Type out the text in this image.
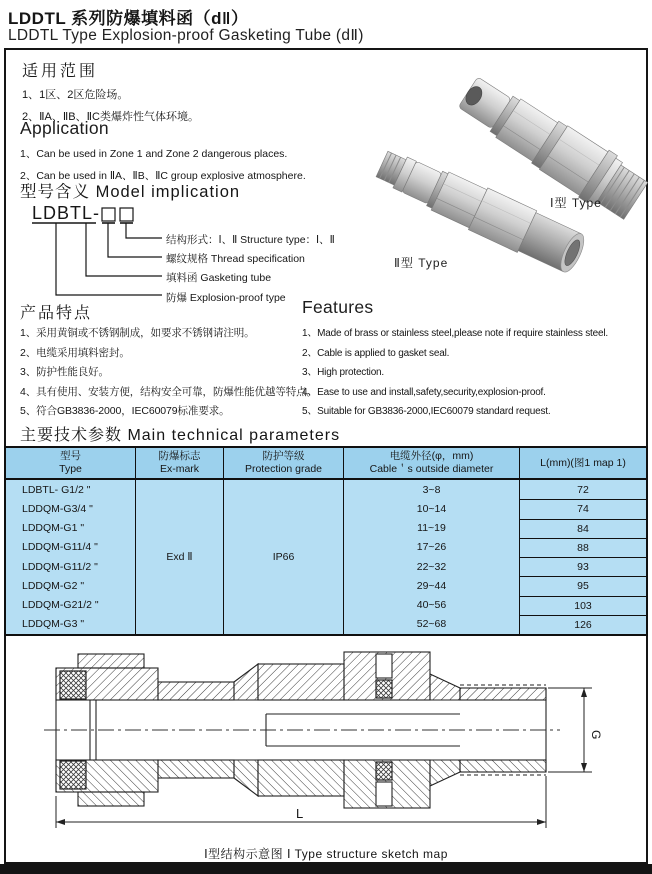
LDDTL 系列防爆填料函（d‖）
LDDTL Type Explosion-proof Gasketing Tube (dⅡ)
适用范围
1、1区、2区危险场。
2、ⅡA、ⅡB、ⅡC类爆炸性气体环境。
Application
1、Can be used in Zone 1 and Zone 2 dangerous places.
2、Can be used in ⅡA、ⅡB、ⅡC group explosive atmosphere.
型号含义 Model implication
LDBTL-
结构形式：Ⅰ、Ⅱ Structure type：Ⅰ、Ⅱ
螺纹规格 Thread specification
填料函 Gasketing tube
防爆 Explosion-proof type
Ⅰ型 Type
Ⅱ型 Type
产品特点
1、采用黄铜或不锈钢制成，如要求不锈钢请注明。
2、电缆采用填料密封。
3、防护性能良好。
4、具有使用、安装方便，结构安全可靠，防爆性能优越等特点。
5、符合GB3836-2000，IEC60079标准要求。
Features
1、Made of brass or stainless steel,please note if require stainless steel.
2、Cable is applied to gasket seal.
3、High protection.
4、Ease to use and install,safety,security,explosion-proof.
5、Suitable for GB3836-2000,IEC60079 standard request.
主要技术参数 Main technical parameters
型号
Type
防爆标志
Ex-mark
防护等级
Protection grade
电缆外径(φ，mm)
Cable＇s outside diameter
L(mm)(图1 map 1)
LDBTL- G1/2 "
LDDQM-G3/4 "
LDDQM-G1 "
LDDQM-G11/4 "
LDDQM-G11/2 "
LDDQM-G2 "
LDDQM-G21/2 "
LDDQM-G3 "
Exd Ⅱ	IP66
3~8
10~14
11~19
17~26
22~32
29~44
40~56
52~68
72
74
84
88
93
95
103
126
L
G
Ⅰ型结构示意图 Ⅰ Type structure sketch map
